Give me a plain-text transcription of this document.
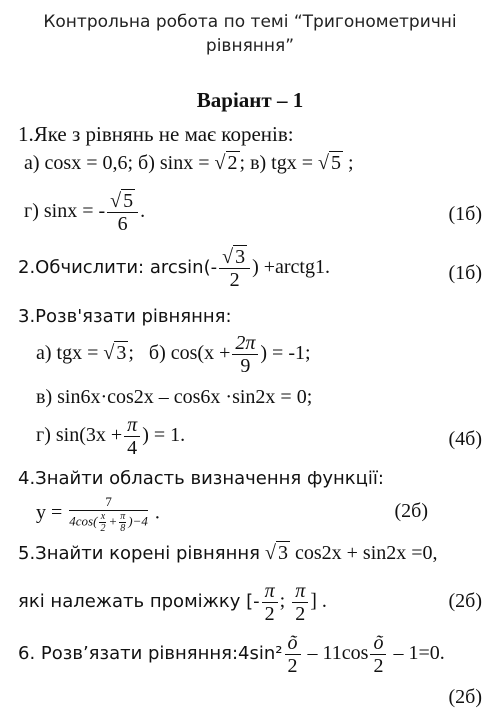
Контрольна робота по темі “Тригонометричні
рівняння”
Варіант – 1
1.Яке з рівнянь не має коренів:
а) cosx = 0,6; б) sinx = √ 2 ; в) tgx = √ 5 ;
г) sinx = - $\frac{√ 5}{6}$ .	(1б)
2.Обчислити: $\arcsin(- \frac{√ 3}{2}$ ) +arctg1.	(1б)
3.Розв'язати рівняння:
а) tgx = √ 3 ; б) $\cos(x + \frac{2\pi}{9}$ ) = -1;
в) sin6x·cos2x – cos6x ·sin2x = 0;
г) $\sin(3x + \frac{\pi}{4}$ ) = 1.	(4б)
4.Знайти область визначення функції:
$y = \frac{7}{4\cos( \frac{x}{2} + \frac{\pi}{8} )-4}$ .	(2б)
5.Знайти корені рівняння √ 3 cos2x + sin2x =0,
які належать проміжку [- $\frac{\pi}{2}$ ; $\frac{\pi}{2}$ ] .	(2б)
6. Розв’язати рівняння:4sin² $\frac{õ}{2} - 11\cos \frac{õ}{2} - 1=0$.
(2б)
